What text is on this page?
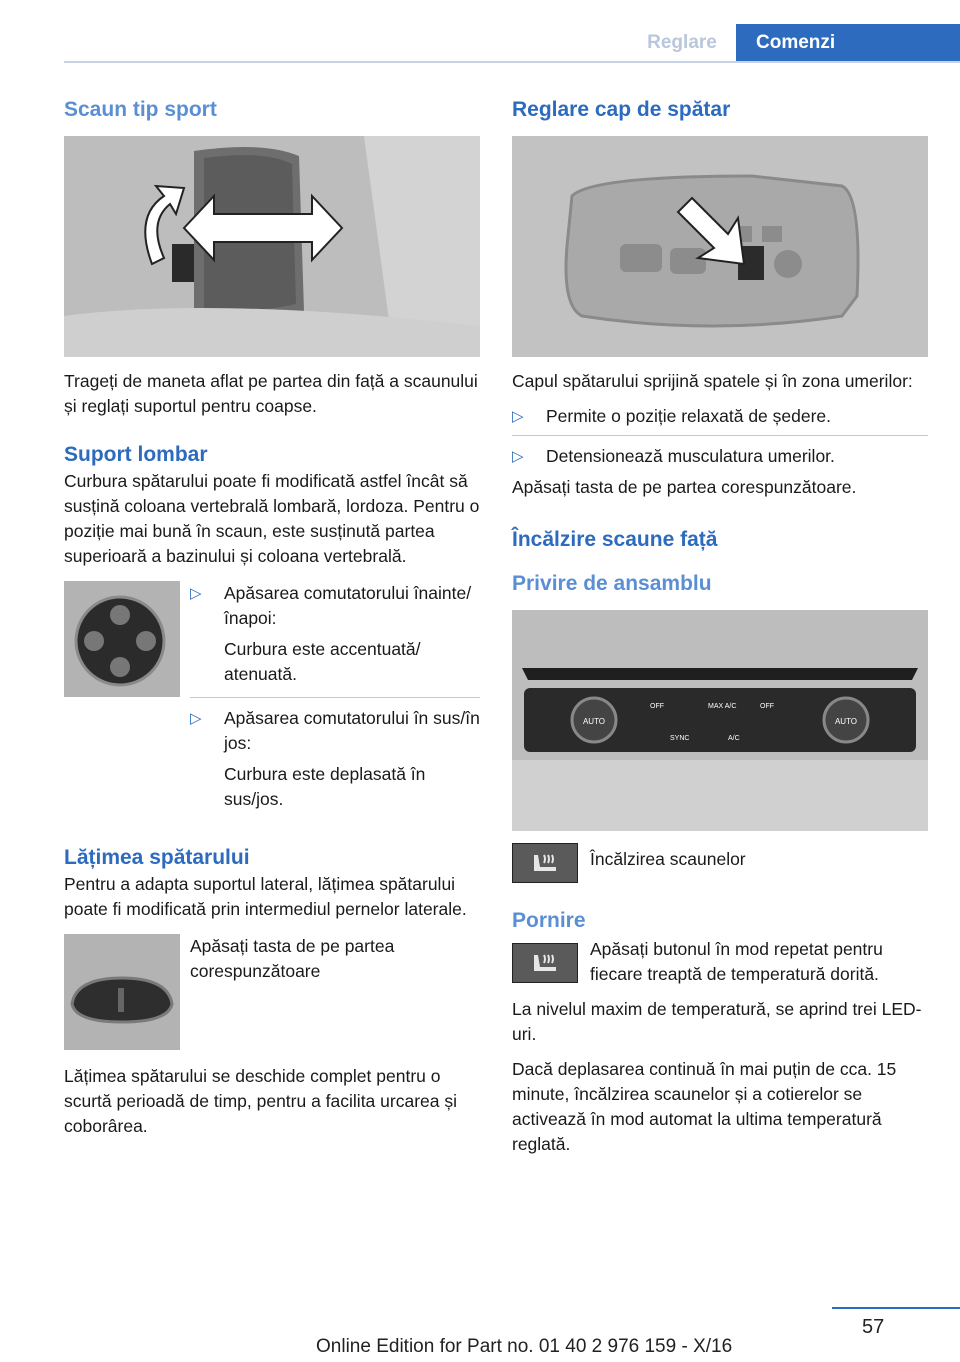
Reglare	Comenzi
Scaun tip sport

Trageți de maneta aflat pe partea din față a scaunului și reglați suportul pentru coapse.

Suport lombar

Curbura spătarului poate fi modificată astfel încât să susțină coloana vertebrală lombară, lordoza. Pentru o poziție mai bună în scaun, este susținută partea superioară a bazinului și coloana vertebrală.

▷	Apăsarea comutatorului înainte/înapoi:

Curbura este accentuată/ atenuată.

▷	Apăsarea comutatorului în sus/în jos:

Curbura este deplasată în sus/jos.

Lățimea spătarului

Pentru a adapta suportul lateral, lățimea spătarului poate fi modificată prin intermediul pernelor laterale.

Apăsați tasta de pe partea corespunzătoare

Lățimea spătarului se deschide complet pentru o scurtă perioadă de timp, pentru a facilita urcarea și coborârea.

Reglare cap de spătar

Capul spătarului sprijină spatele și în zona umerilor:

▷	Permite o poziție relaxată de ședere.
▷	Detensionează musculatura umerilor.

Apăsați tasta de pe partea corespunzătoare.

Încălzire scaune față
Privire de ansamblu
AUTO
OFF	MAX A/C	OFF
AUTO
SYNC	A/C

Încălzirea scaunelor

Pornire

Apăsați butonul în mod repetat pentru fiecare treaptă de temperatură dorită.

La nivelul maxim de temperatură, se aprind trei LED-uri.

Dacă deplasarea continuă în mai puțin de cca. 15 minute, încălzirea scaunelor și a cotierelor se activează în mod automat la ultima temperatură reglată.

57
Online Edition for Part no. 01 40 2 976 159 - X/16
